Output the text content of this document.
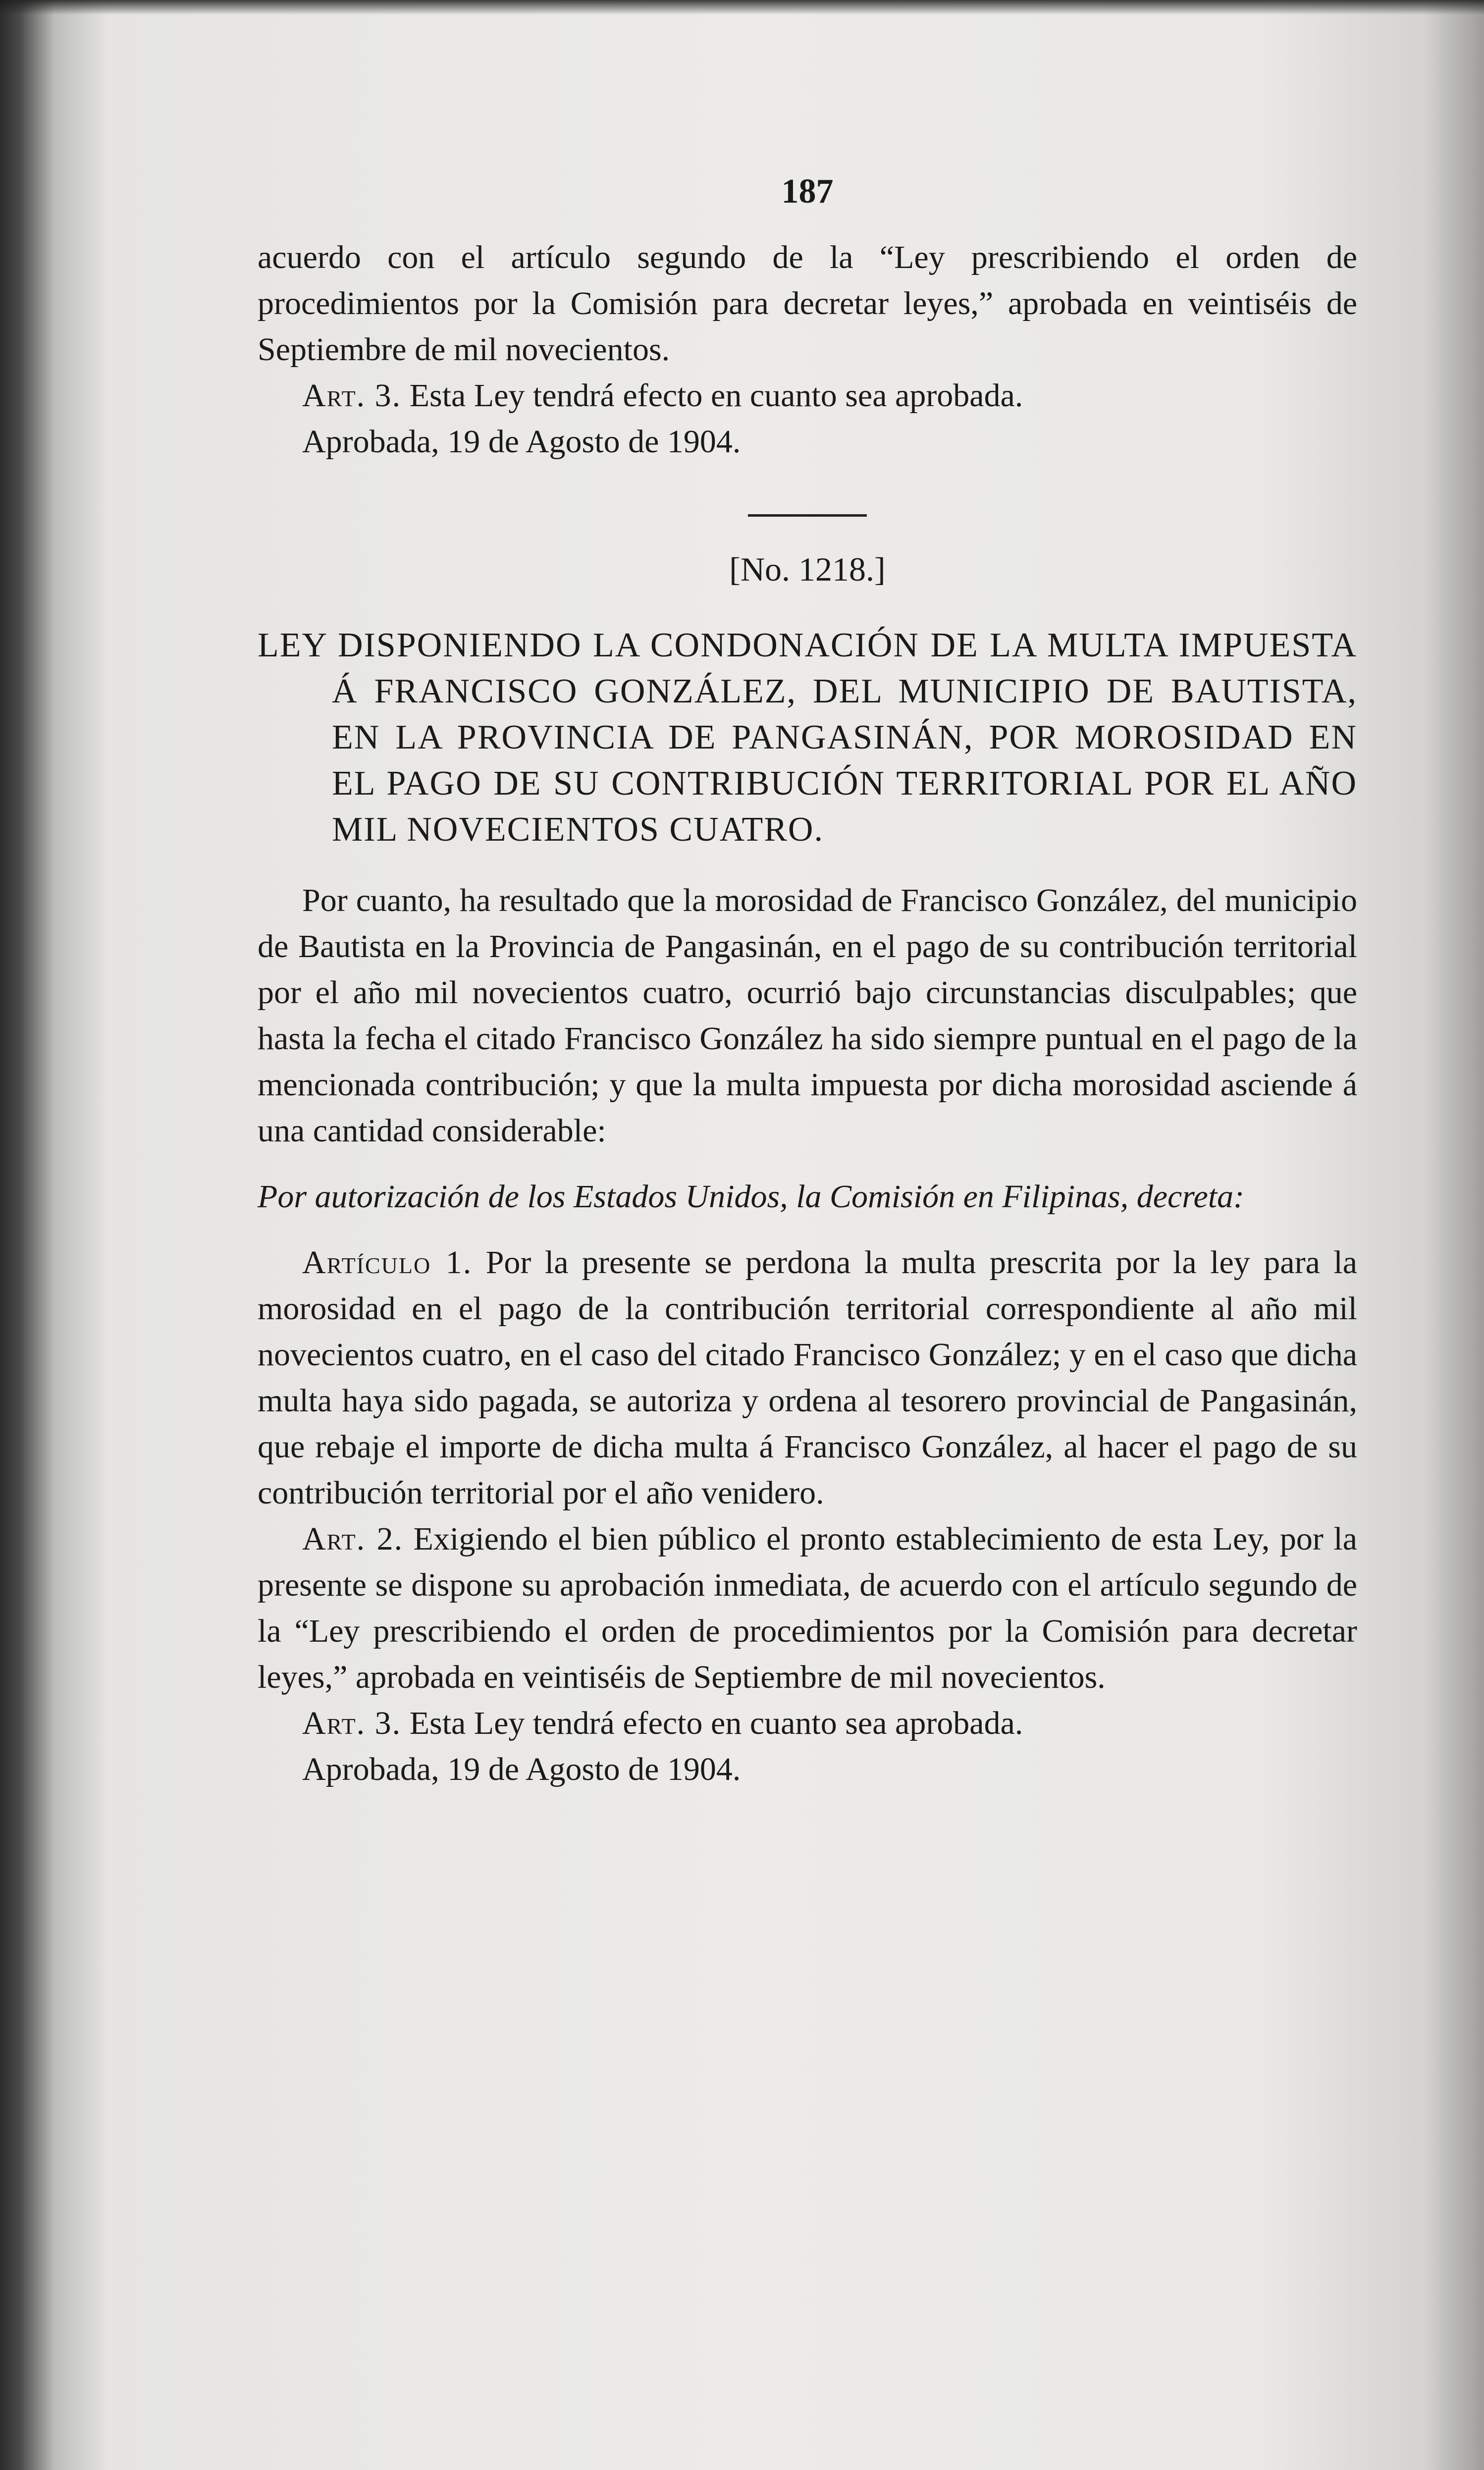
187

acuerdo con el artículo segundo de la “Ley prescribiendo el orden de procedimientos por la Comisión para decretar leyes,” aprobada en veintiséis de Septiembre de mil novecientos.

Art. 3. Esta Ley tendrá efecto en cuanto sea aprobada.

Aprobada, 19 de Agosto de 1904.

[No. 1218.]

LEY DISPONIENDO LA CONDONACIÓN DE LA MULTA IMPUESTA Á FRANCISCO GONZÁLEZ, DEL MUNICIPIO DE BAUTISTA, EN LA PROVINCIA DE PANGASINÁN, POR MOROSIDAD EN EL PAGO DE SU CONTRIBUCIÓN TERRITORIAL POR EL AÑO MIL NOVECIENTOS CUATRO.

Por cuanto, ha resultado que la morosidad de Francisco González, del municipio de Bautista en la Provincia de Pangasinán, en el pago de su contribución territorial por el año mil novecientos cuatro, ocurrió bajo circunstancias disculpables; que hasta la fecha el citado Francisco González ha sido siempre puntual en el pago de la mencionada contribución; y que la multa impuesta por dicha morosidad asciende á una cantidad considerable:

Por autorización de los Estados Unidos, la Comisión en Filipinas, decreta:

Artículo 1. Por la presente se perdona la multa prescrita por la ley para la morosidad en el pago de la contribución territorial correspondiente al año mil novecientos cuatro, en el caso del citado Francisco González; y en el caso que dicha multa haya sido pagada, se autoriza y ordena al tesorero provincial de Pangasinán, que rebaje el importe de dicha multa á Francisco González, al hacer el pago de su contribución territorial por el año venidero.

Art. 2. Exigiendo el bien público el pronto establecimiento de esta Ley, por la presente se dispone su aprobación inmediata, de acuerdo con el artículo segundo de la “Ley prescribiendo el orden de procedimientos por la Comisión para decretar leyes,” aprobada en veintiséis de Septiembre de mil novecientos.

Art. 3. Esta Ley tendrá efecto en cuanto sea aprobada.

Aprobada, 19 de Agosto de 1904.
